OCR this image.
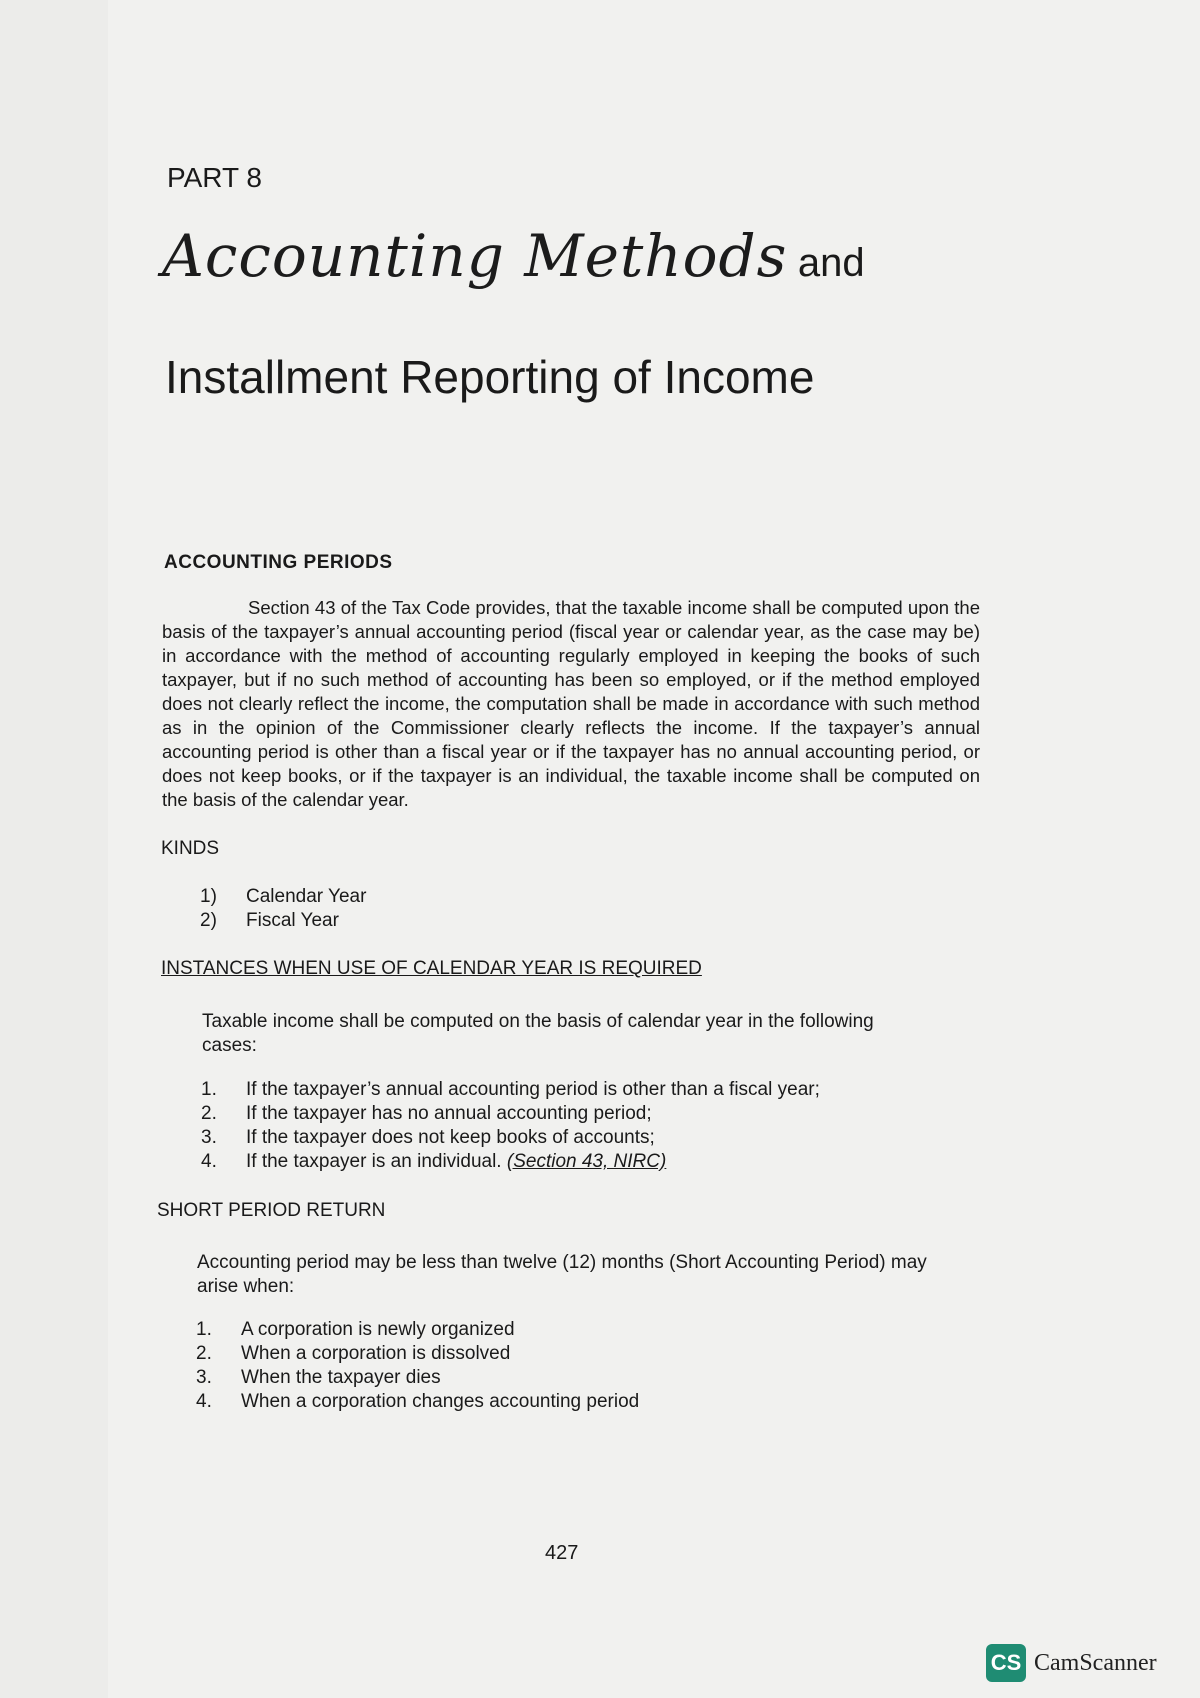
PART 8
Accounting Methods and
Installment Reporting of Income
ACCOUNTING PERIODS
Section 43 of the Tax Code provides, that the taxable income shall be computed upon the basis of the taxpayer’s annual accounting period (fiscal year or calendar year, as the case may be) in accordance with the method of accounting regularly employed in keeping the books of such taxpayer, but if no such method of accounting has been so employed, or if the method employed does not clearly reflect the income, the computation shall be made in accordance with such method as in the opinion of the Commissioner clearly reflects the income. If the taxpayer’s annual accounting period is other than a fiscal year or if the taxpayer has no annual accounting period, or does not keep books, or if the taxpayer is an individual, the taxable income shall be computed on the basis of the calendar year.
KINDS
1)	Calendar Year
2)	Fiscal Year
INSTANCES WHEN USE OF CALENDAR YEAR IS REQUIRED
Taxable income shall be computed on the basis of calendar year in the following cases:
1.	If the taxpayer’s annual accounting period is other than a fiscal year;
2.	If the taxpayer has no annual accounting period;
3.	If the taxpayer does not keep books of accounts;
4.	If the taxpayer is an individual. (Section 43, NIRC)
SHORT PERIOD RETURN
Accounting period may be less than twelve (12) months (Short Accounting Period) may arise when:
1.	A corporation is newly organized
2.	When a corporation is dissolved
3.	When the taxpayer dies
4.	When a corporation changes accounting period
427
CS CamScanner
